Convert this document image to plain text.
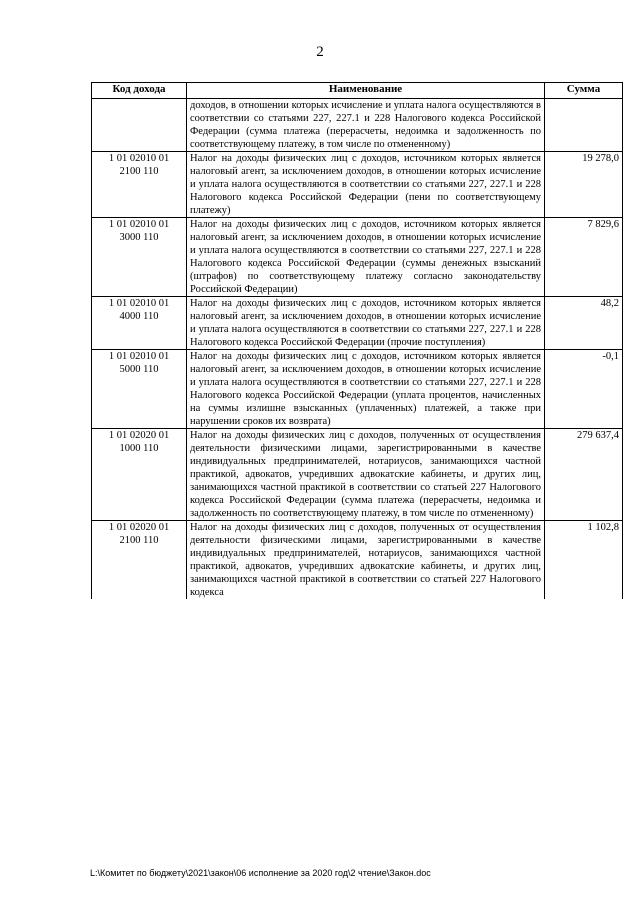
2
Код дохода	Наименование	Сумма
	доходов, в отношении которых исчисление и уплата налога осуществляются в соответствии со статьями 227, 227.1 и 228 Налогового кодекса Российской Федерации (сумма платежа (перерасчеты, недоимка и задолженность по соответствующему платежу, в том числе по отмененному)	
1 01 02010 01
2100 110	Налог на доходы физических лиц с доходов, источником которых является налоговый агент, за исключением доходов, в отношении которых исчисление и уплата налога осуществляются в соответствии со статьями 227, 227.1 и 228 Налогового кодекса Российской Федерации (пени по соответствующему платежу)	19 278,0
1 01 02010 01
3000 110	Налог на доходы физических лиц с доходов, источником которых является налоговый агент, за исключением доходов, в отношении которых исчисление и уплата налога осуществляются в соответствии со статьями 227, 227.1 и 228 Налогового кодекса Российской Федерации (суммы денежных взысканий (штрафов) по соответствующему платежу согласно законодательству Российской Федерации)	7 829,6
1 01 02010 01
4000 110	Налог на доходы физических лиц с доходов, источником которых является налоговый агент, за исключением доходов, в отношении которых исчисление и уплата налога осуществляются в соответствии со статьями 227, 227.1 и 228 Налогового кодекса Российской Федерации (прочие поступления)	48,2
1 01 02010 01
5000 110	Налог на доходы физических лиц с доходов, источником которых является налоговый агент, за исключением доходов, в отношении которых исчисление и уплата налога осуществляются в соответствии со статьями 227, 227.1 и 228 Налогового кодекса Российской Федерации (уплата процентов, начисленных на суммы излишне взысканных (уплаченных) платежей, а также при нарушении сроков их возврата)	-0,1
1 01 02020 01
1000 110	Налог на доходы физических лиц с доходов, полученных от осуществления деятельности физическими лицами, зарегистрированными в качестве индивидуальных предпринимателей, нотариусов, занимающихся частной практикой, адвокатов, учредивших адвокатские кабинеты, и других лиц, занимающихся частной практикой в соответствии со статьей 227 Налогового кодекса Российской Федерации (сумма платежа (перерасчеты, недоимка и задолженность по соответствующему платежу, в том числе по отмененному)	279 637,4
1 01 02020 01
2100 110	Налог на доходы физических лиц с доходов, полученных от осуществления деятельности физическими лицами, зарегистрированными в качестве индивидуальных предпринимателей, нотариусов, занимающихся частной практикой, адвокатов, учредивших адвокатские кабинеты, и других лиц, занимающихся частной практикой в соответствии со статьей 227 Налогового кодекса	1 102,8
L:\Комитет по бюджету\2021\закон\06 исполнение за 2020 год\2 чтение\Закон.doc
